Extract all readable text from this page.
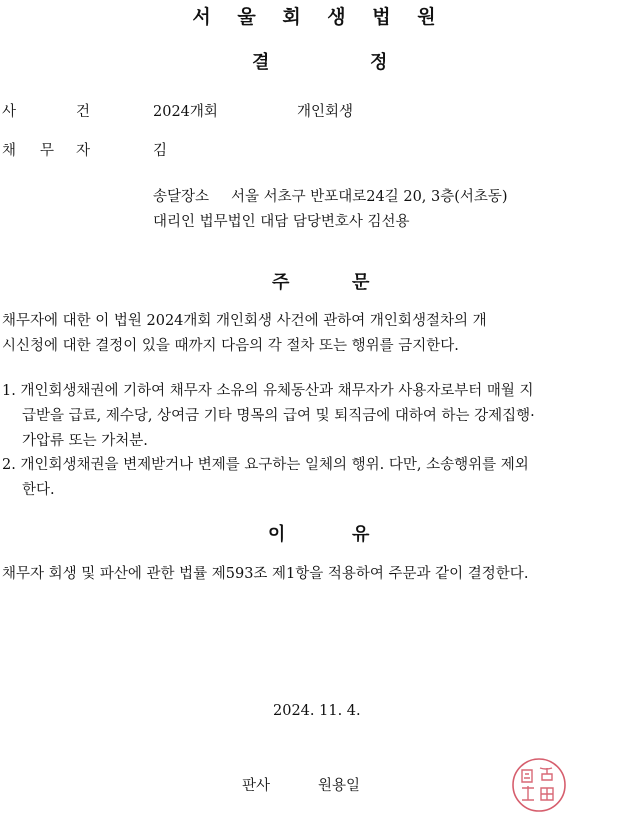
서 울 회 생 법 원
결	정
사	건	2024개회	개인회생
채 무 자	김
송달장소 서울 서초구 반포대로24길 20, 3층(서초동)
대리인 법무법인 대담 담당변호사 김선용
주	문
채무자에 대한 이 법원 2024개회 개인회생 사건에 관하여 개인회생절차의 개
시신청에 대한 결정이 있을 때까지 다음의 각 절차 또는 행위를 금지한다.
1. 개인회생채권에 기하여 채무자 소유의 유체동산과 채무자가 사용자로부터 매월 지
급받을 급료, 제수당, 상여금 기타 명목의 급여 및 퇴직금에 대하여 하는 강제집행·
가압류 또는 가처분.
2. 개인회생채권을 변제받거나 변제를 요구하는 일체의 행위. 다만, 소송행위를 제외
한다.
이	유
채무자 회생 및 파산에 관한 법률 제593조 제1항을 적용하여 주문과 같이 결정한다.
2024. 11. 4.
판사	원용일
